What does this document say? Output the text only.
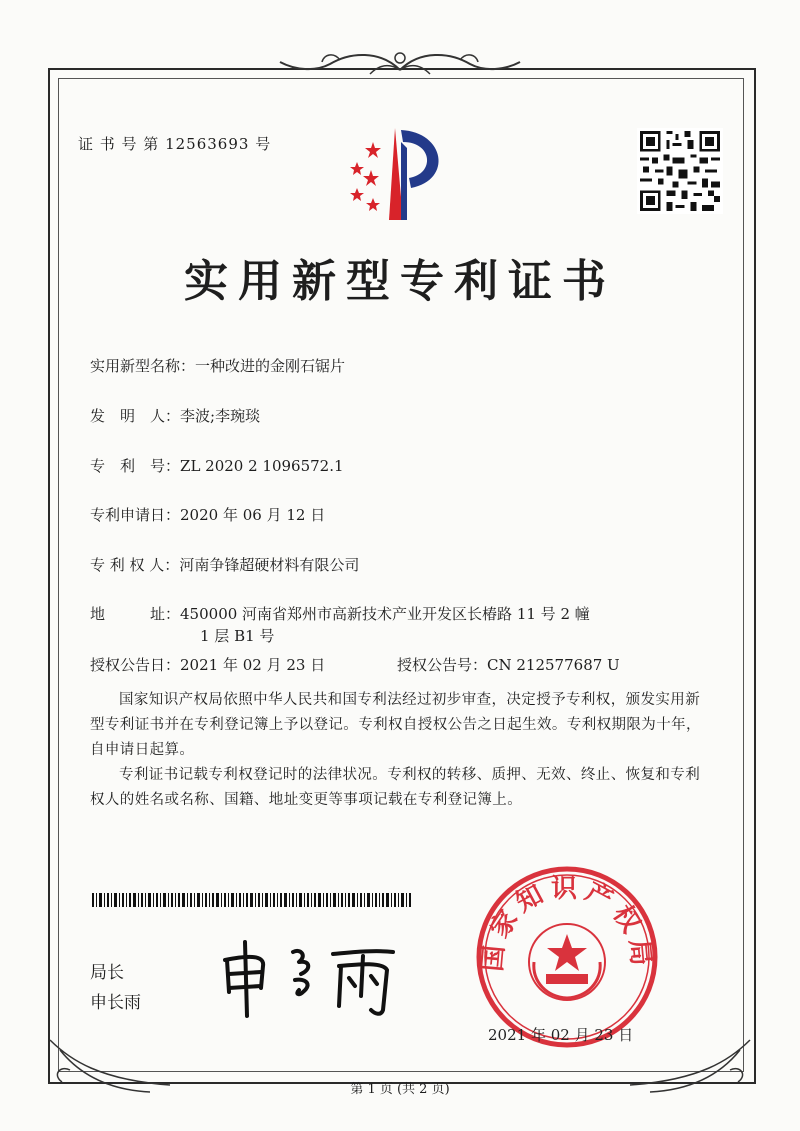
证 书 号 第 12563693 号
实用新型专利证书
实用新型名称：一种改进的金刚石锯片
发　明　人：李波;李琬琰
专　利　号：ZL 2020 2 1096572.1
专利申请日：2020 年 06 月 12 日
专 利 权 人：河南争锋超硬材料有限公司
地　　　址：450000 河南省郑州市高新技术产业开发区长椿路 11 号 2 幢
1 层 B1 号
授权公告日：2021 年 02 月 23 日	授权公告号：CN 212577687 U
国家知识产权局依照中华人民共和国专利法经过初步审查，决定授予专利权，颁发实用新型专利证书并在专利登记簿上予以登记。专利权自授权公告之日起生效。专利权期限为十年，自申请日起算。
专利证书记载专利权登记时的法律状况。专利权的转移、质押、无效、终止、恢复和专利权人的姓名或名称、国籍、地址变更等事项记载在专利登记簿上。
局长
申长雨
国家知识产权局
2021 年 02 月 23 日
第 1 页 (共 2 页)
